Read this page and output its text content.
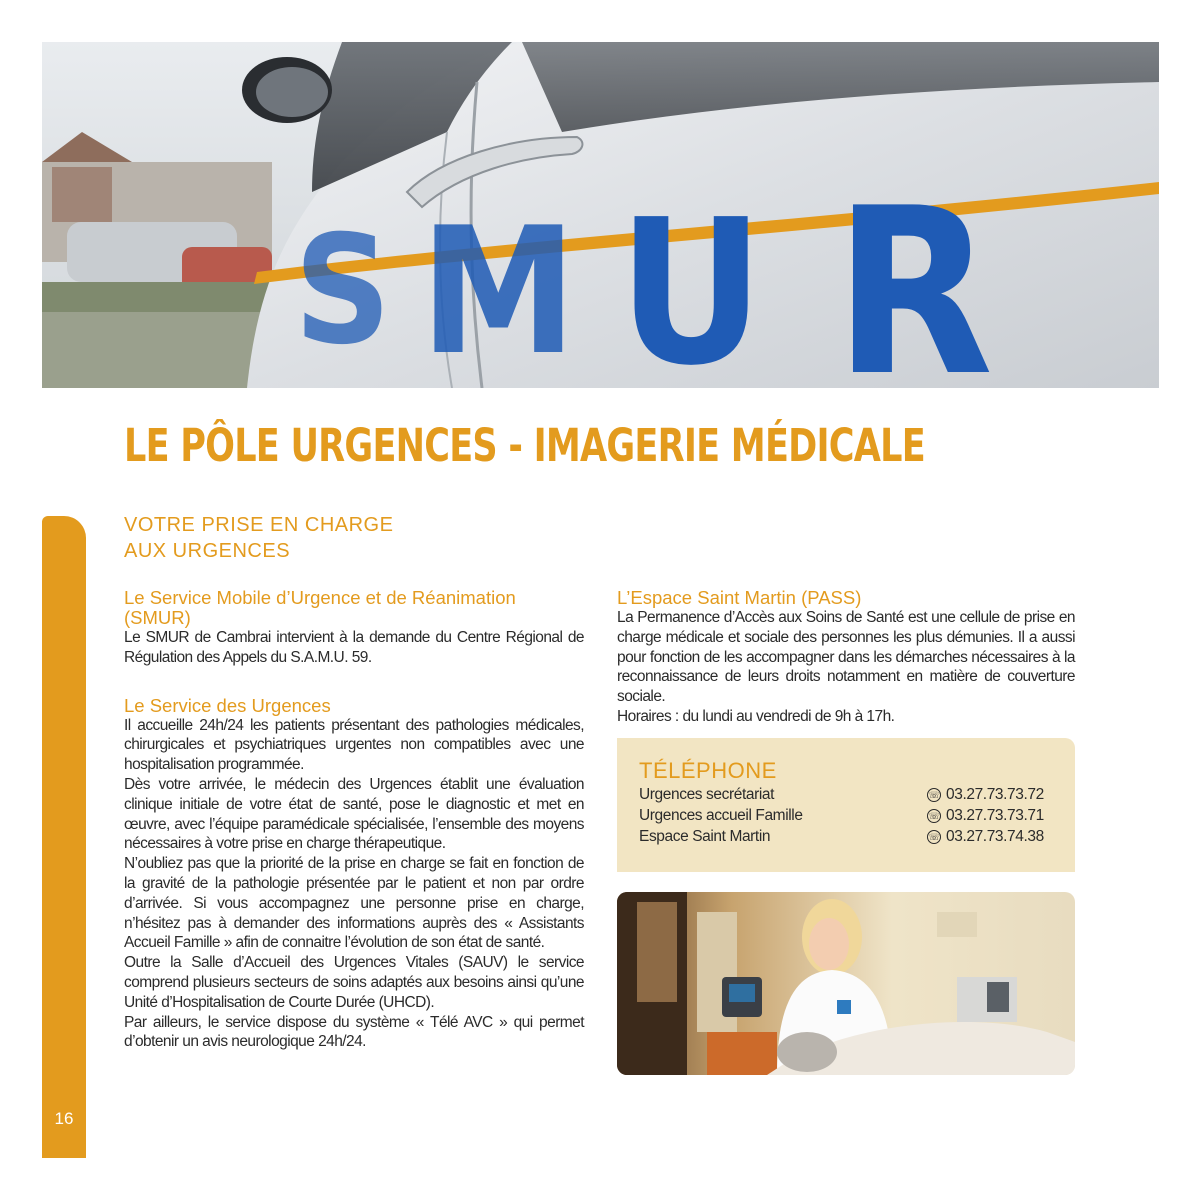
S M U R
16
LE PÔLE URGENCES - IMAGERIE MÉDICALE
VOTRE PRISE EN CHARGE
AUX URGENCES
Le Service Mobile d’Urgence et de Réanimation (SMUR)

Le SMUR de Cambrai intervient à la demande du Centre Régional de Régulation des Appels du S.A.M.U. 59.

Le Service des Urgences

Il accueille 24h/24 les patients présentant des pathologies médicales, chirurgicales et psychiatriques urgentes non compatibles avec une hospitalisation programmée.

Dès votre arrivée, le médecin des Urgences établit une évaluation clinique initiale de votre état de santé, pose le diagnostic et met en œuvre, avec l’équipe paramédicale spécialisée, l’ensemble des moyens nécessaires à votre prise en charge thérapeutique.

N’oubliez pas que la priorité de la prise en charge se fait en fonction de la gravité de la pathologie présentée par le patient et non par ordre d’arrivée. Si vous accompagnez une personne prise en charge, n’hésitez pas à demander des informations auprès des « Assistants Accueil Famille » afin de connaitre l’évolution de son état de santé.

Outre la Salle d’Accueil des Urgences Vitales (SAUV) le service comprend plusieurs secteurs de soins adaptés aux besoins ainsi qu’une Unité d’Hospitalisation de Courte Durée (UHCD).

Par ailleurs, le service dispose du système « Télé AVC » qui permet d’obtenir un avis neurologique 24h/24.

L’Espace Saint Martin (PASS)

La Permanence d’Accès aux Soins de Santé est une cellule de prise en charge médicale et sociale des personnes les plus démunies. Il a aussi pour fonction de les accompagner dans les démarches nécessaires à la reconnaissance de leurs droits notamment en matière de couverture sociale.

Horaires : du lundi au vendredi de 9h à 17h.

TÉLÉPHONE
Urgences secrétariat	☏ 03.27.73.73.72
Urgences accueil Famille	☏ 03.27.73.73.71
Espace Saint Martin	☏ 03.27.73.74.38
